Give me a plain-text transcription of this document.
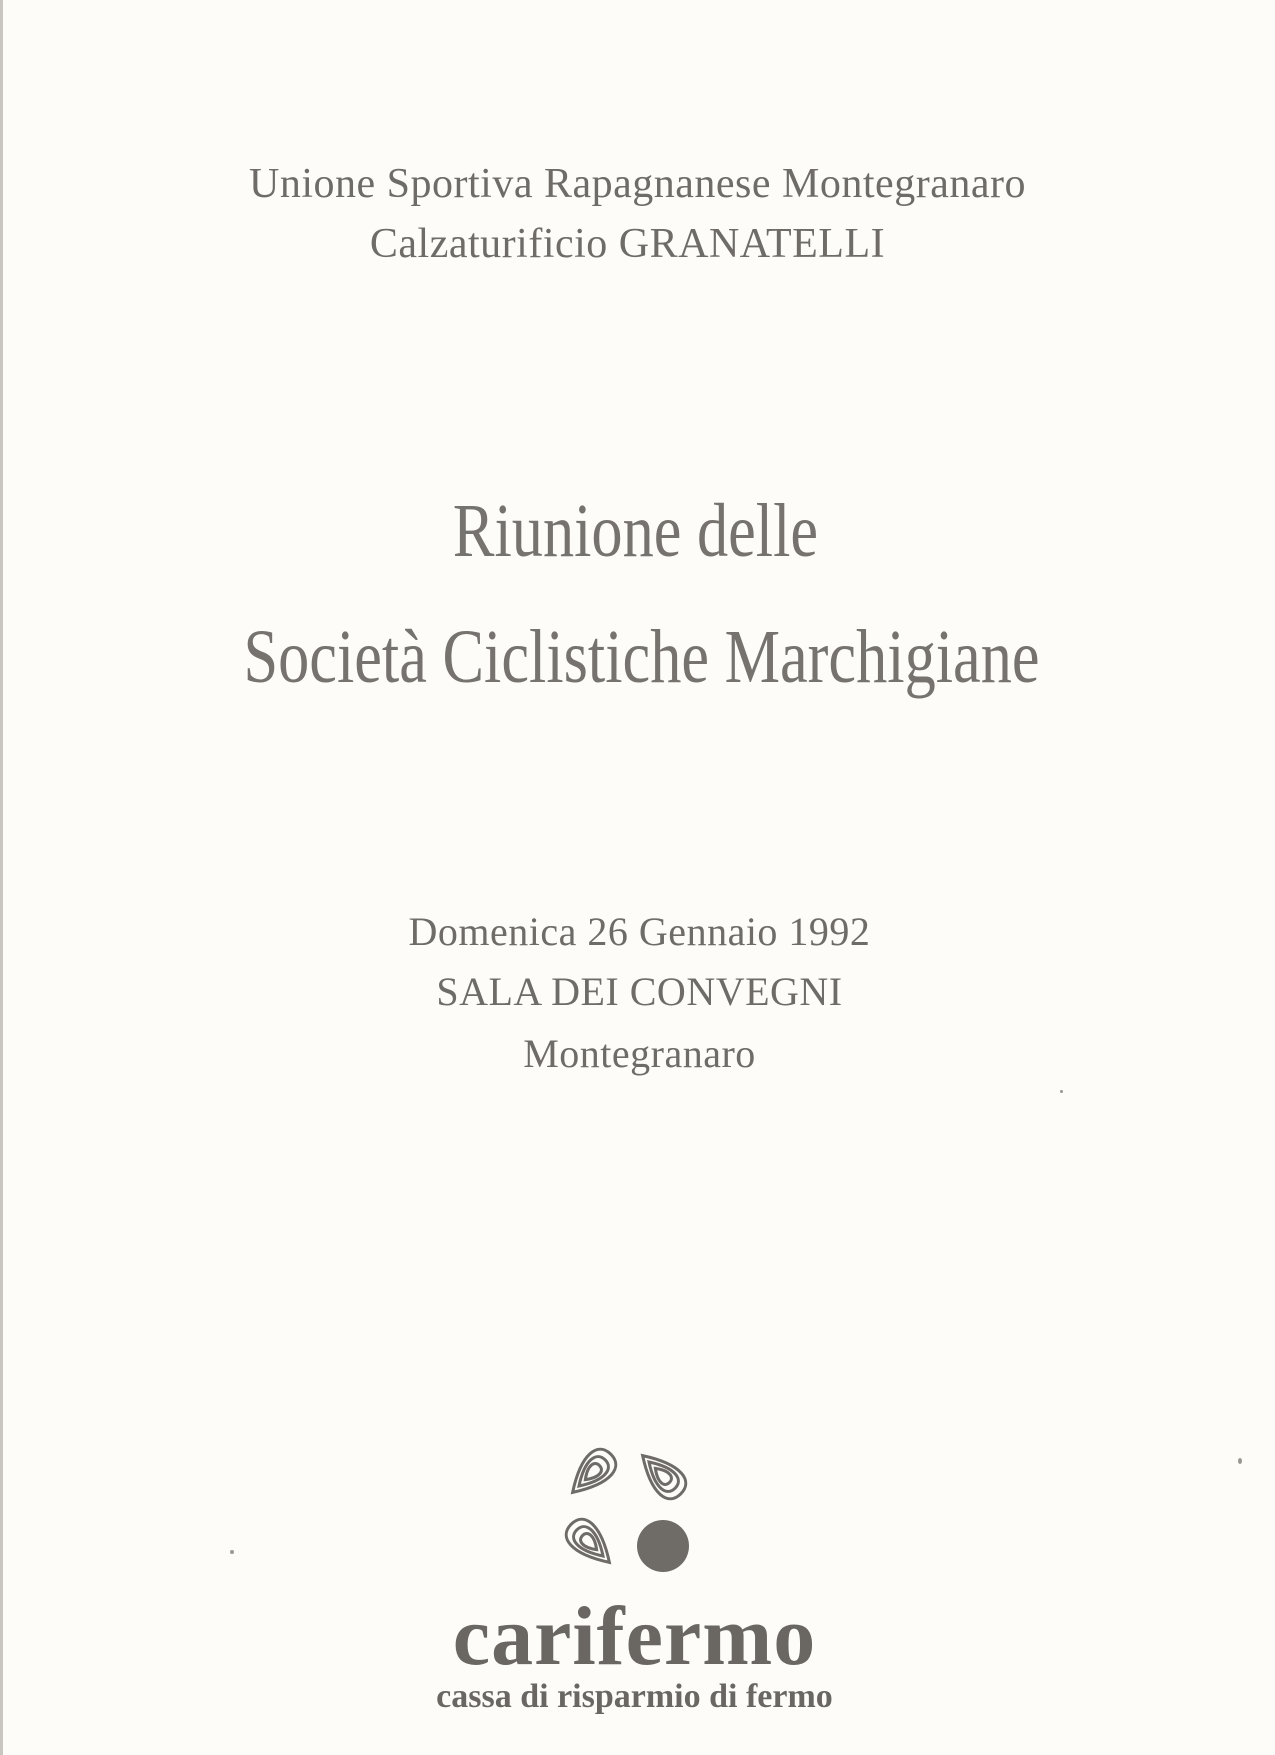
Unione Sportiva Rapagnanese Montegranaro
Calzaturificio GRANATELLI
Riunione delle
Società Ciclistiche Marchigiane
Domenica 26 Gennaio 1992
SALA DEI CONVEGNI
Montegranaro
carifermo
cassa di risparmio di fermo
